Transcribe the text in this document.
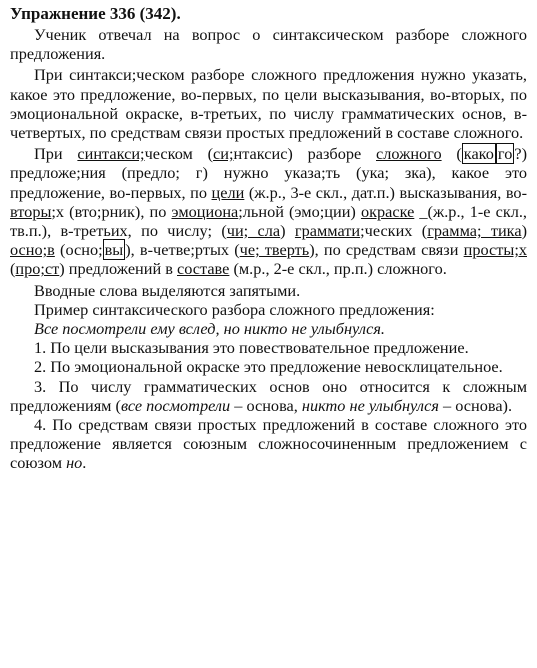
Упражнение 336 (342).

Ученик отвечал на вопрос о синтаксическом разборе сложного предложения.

При синтакси;ческом разборе сложного предложения нужно указать, какое это предложение, во-первых, по цели высказывания, во-вторых, по эмоциональной окраске, в-третьих, по числу грамматических основ, в-четвертых, по средствам связи простых предложений в составе сложного.

При синтакси;ческом (си;нтаксис) разборе сложного ( како го ?) предложе;ния (предло; г) нужно указа;ть (ука; зка), какое это предложение, во-первых, по цели (ж.р., 3-е скл., дат.п.) высказывания, во-вторы;х (вто;рник), по эмоциона;льной (эмо;ции) окраске _(ж.р., 1-е скл., тв.п.), в-третьих, по числу; (чи; сла) граммати;ческих (грамма; тика) осно;в (осно; вы ), в-четве;ртых (че; тверть), по средствам связи просты;х (про;ст) предложений в составе (м.р., 2-е скл., пр.п.) сложного.

Вводные слова выделяются запятыми.

Пример синтаксического разбора сложного предложения:

Все посмотрели ему вслед, но никто не улыбнулся.

1. По цели высказывания это повествовательное предложение.

2. По эмоциональной окраске это предложение невосклицательное.

3. По числу грамматических основ оно относится к сложным предложениям (все посмотрели – основа, никто не улыбнулся – основа).

4. По средствам связи простых предложений в составе сложного это предложение является союзным сложносочиненным предложением с союзом но.
